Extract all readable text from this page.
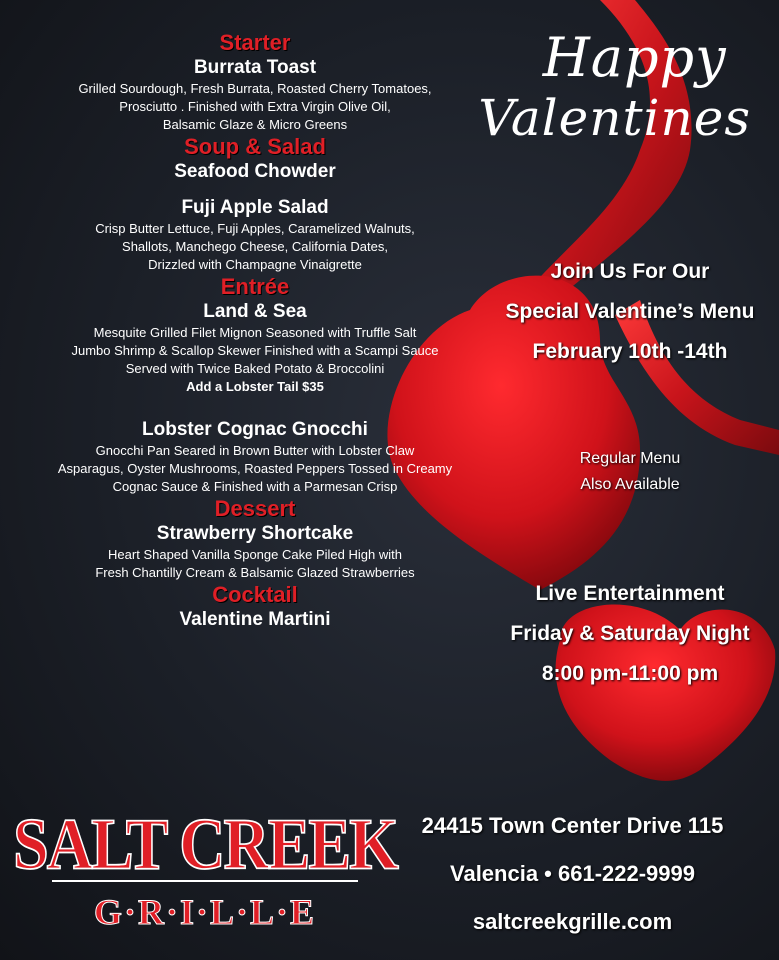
Starter
Burrata Toast
Grilled Sourdough, Fresh Burrata, Roasted Cherry Tomatoes,
Prosciutto . Finished with Extra Virgin Olive Oil,
Balsamic Glaze & Micro Greens
Soup & Salad
Seafood Chowder
Fuji Apple Salad
Crisp Butter Lettuce, Fuji Apples, Caramelized Walnuts,
Shallots, Manchego Cheese, California Dates,
Drizzled with Champagne Vinaigrette
Entrée
Land & Sea
Mesquite Grilled Filet Mignon Seasoned with Truffle Salt
Jumbo Shrimp & Scallop Skewer Finished with a Scampi Sauce
Served with Twice Baked Potato & Broccolini
Add a Lobster Tail $35
Lobster Cognac Gnocchi
Gnocchi Pan Seared in Brown Butter with Lobster Claw
Asparagus, Oyster Mushrooms, Roasted Peppers Tossed in Creamy
Cognac Sauce & Finished with a Parmesan Crisp
Dessert
Strawberry Shortcake
Heart Shaped Vanilla Sponge Cake Piled High with
Fresh Chantilly Cream & Balsamic Glazed Strawberries
Cocktail
Valentine Martini
Happy
Valentines
Join Us For Our
Special Valentine’s Menu
February 10th -14th
Regular Menu
Also Available
Live Entertainment
Friday & Saturday Night
8:00 pm-11:00 pm
SALT CREEK
G·R·I·L·L·E
24415 Town Center Drive 115
Valencia • 661-222-9999
saltcreekgrille.com
